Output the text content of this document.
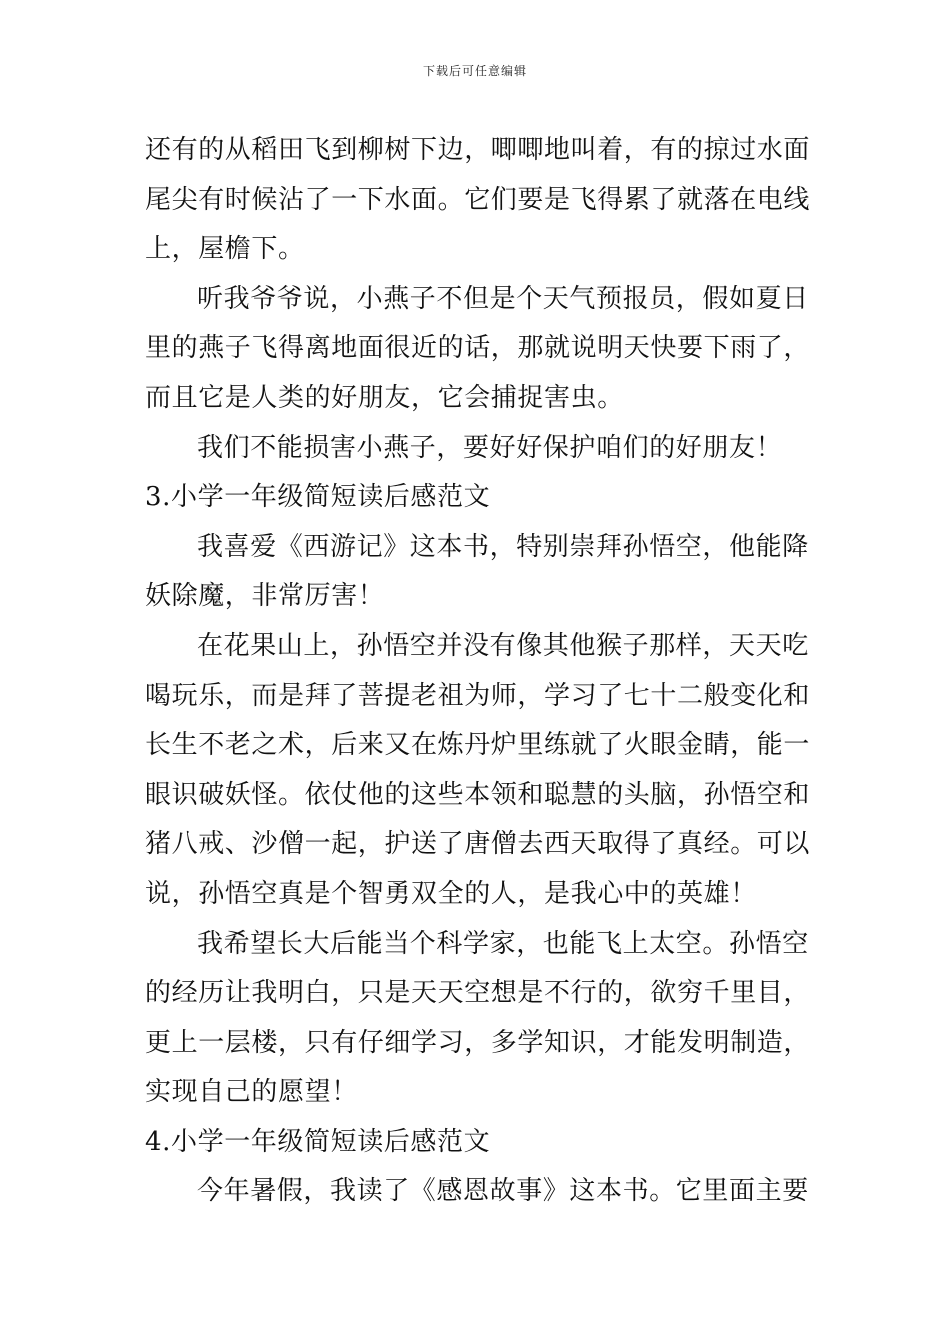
下载后可任意编辑
还有的从稻田飞到柳树下边，唧唧地叫着，有的掠过水面
尾尖有时候沾了一下水面。它们要是飞得累了就落在电线
上，屋檐下。
听我爷爷说，小燕子不但是个天气预报员，假如夏日
里的燕子飞得离地面很近的话，那就说明天快要下雨了，
而且它是人类的好朋友，它会捕捉害虫。
我们不能损害小燕子，要好好保护咱们的好朋友！
3.小学一年级简短读后感范文
我喜爱《西游记》这本书，特别崇拜孙悟空，他能降
妖除魔，非常厉害！
在花果山上，孙悟空并没有像其他猴子那样，天天吃
喝玩乐，而是拜了菩提老祖为师，学习了七十二般变化和
长生不老之术，后来又在炼丹炉里练就了火眼金睛，能一
眼识破妖怪。依仗他的这些本领和聪慧的头脑，孙悟空和
猪八戒、沙僧一起，护送了唐僧去西天取得了真经。可以
说，孙悟空真是个智勇双全的人，是我心中的英雄！
我希望长大后能当个科学家，也能飞上太空。孙悟空
的经历让我明白，只是天天空想是不行的，欲穷千里目，
更上一层楼，只有仔细学习，多学知识，才能发明制造，
实现自己的愿望！
4.小学一年级简短读后感范文
今年暑假，我读了《感恩故事》这本书。它里面主要
